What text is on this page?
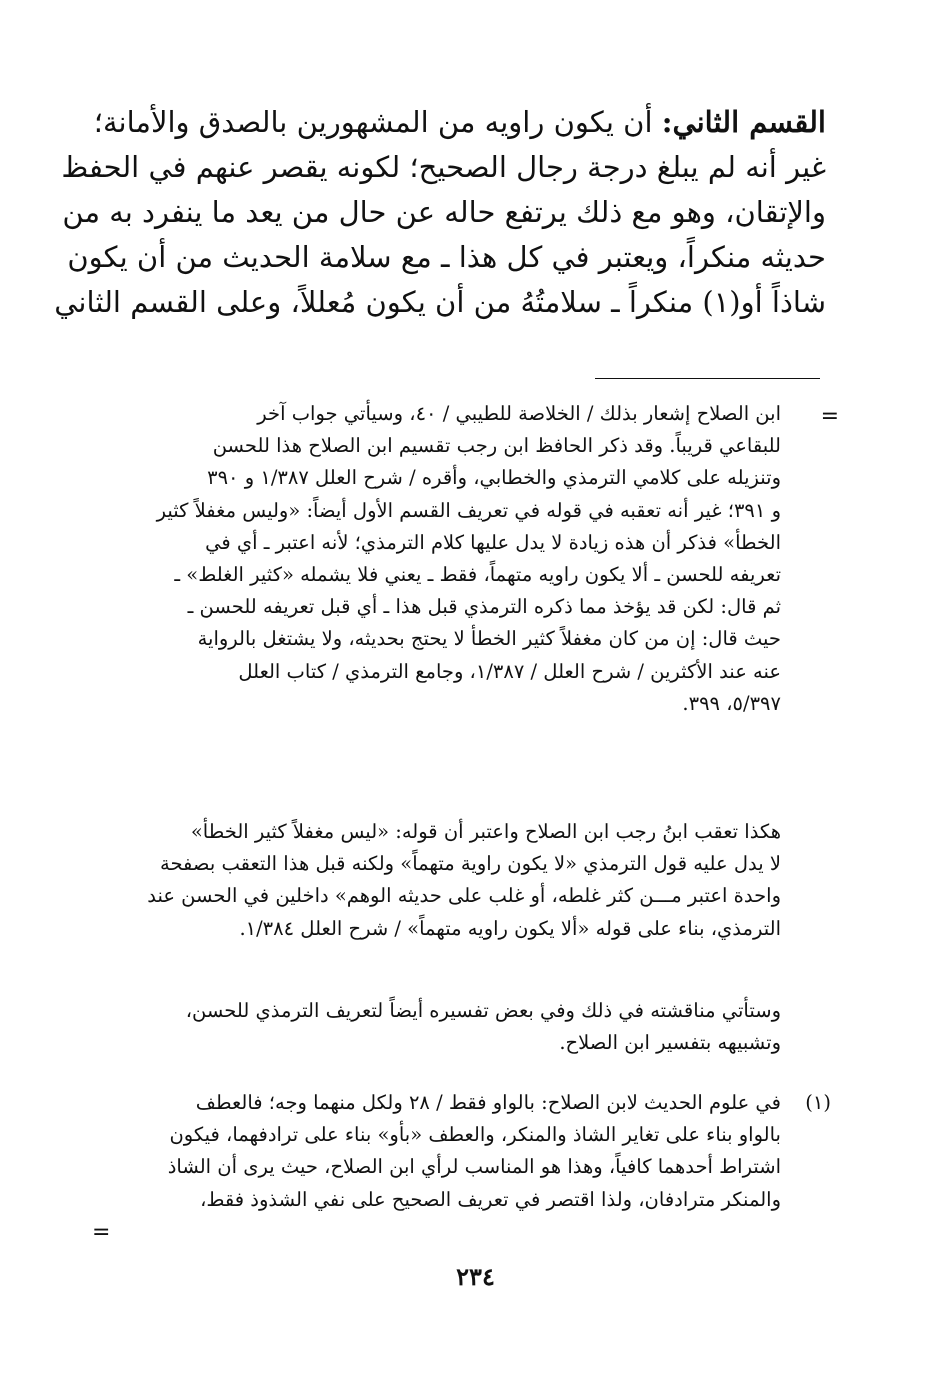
القسم الثاني: أن يكون راويه من المشهورين بالصدق والأمانة؛
غير أنه لم يبلغ درجة رجال الصحيح؛ لكونه يقصر عنهم في الحفظ
والإتقان، وهو مع ذلك يرتفع حاله عن حال من يعد ما ينفرد به من
حديثه منكراً، ويعتبر في كل هذا ـ مع سلامة الحديث من أن يكون
شاذاً أو(١) منكراً ـ سلامتُهُ من أن يكون مُعللاً، وعلى القسم الثاني
=
ابن الصلاح إشعار بذلك / الخلاصة للطيبي / ٤٠، وسيأتي جواب آخر
للبقاعي قريباً. وقد ذكر الحافظ ابن رجب تقسيم ابن الصلاح هذا للحسن
وتنزيله على كلامي الترمذي والخطابي، وأقره / شرح العلل ١/٣٨٧ و ٣٩٠
و ٣٩١؛ غير أنه تعقبه في قوله في تعريف القسم الأول أيضاً: «وليس مغفلاً كثير
الخطأ» فذكر أن هذه زيادة لا يدل عليها كلام الترمذي؛ لأنه اعتبر ـ أي في
تعريفه للحسن ـ ألا يكون راويه متهماً، فقط ـ يعني فلا يشمله «كثير الغلط» ـ
ثم قال: لكن قد يؤخذ مما ذكره الترمذي قبل هذا ـ أي قبل تعريفه للحسن ـ
حيث قال: إن من كان مغفلاً كثير الخطأ لا يحتج بحديثه، ولا يشتغل بالرواية
عنه عند الأكثرين / شرح العلل / ١/٣٨٧، وجامع الترمذي / كتاب العلل
٥/٣٩٧، ٣٩٩.
هكذا تعقب ابنُ رجب ابن الصلاح واعتبر أن قوله: «ليس مغفلاً كثير الخطأ»
لا يدل عليه قول الترمذي «لا يكون راوية متهماً» ولكنه قبل هذا التعقب بصفحة
واحدة اعتبر مـــن كثر غلطه، أو غلب على حديثه الوهم» داخلين في الحسن عند
الترمذي، بناء على قوله «ألا يكون راويه متهماً» / شرح العلل ١/٣٨٤.
وستأتي مناقشته في ذلك وفي بعض تفسيره أيضاً لتعريف الترمذي للحسن،
وتشبيهه بتفسير ابن الصلاح.
(١)
في علوم الحديث لابن الصلاح: بالواو فقط / ٢٨ ولكل منهما وجه؛ فالعطف
بالواو بناء على تغاير الشاذ والمنكر، والعطف «بأو» بناء على ترادفهما، فيكون
اشتراط أحدهما كافياً، وهذا هو المناسب لرأي ابن الصلاح، حيث يرى أن الشاذ
والمنكر مترادفان، ولذا اقتصر في تعريف الصحيح على نفي الشذوذ فقط،
=
٢٣٤
